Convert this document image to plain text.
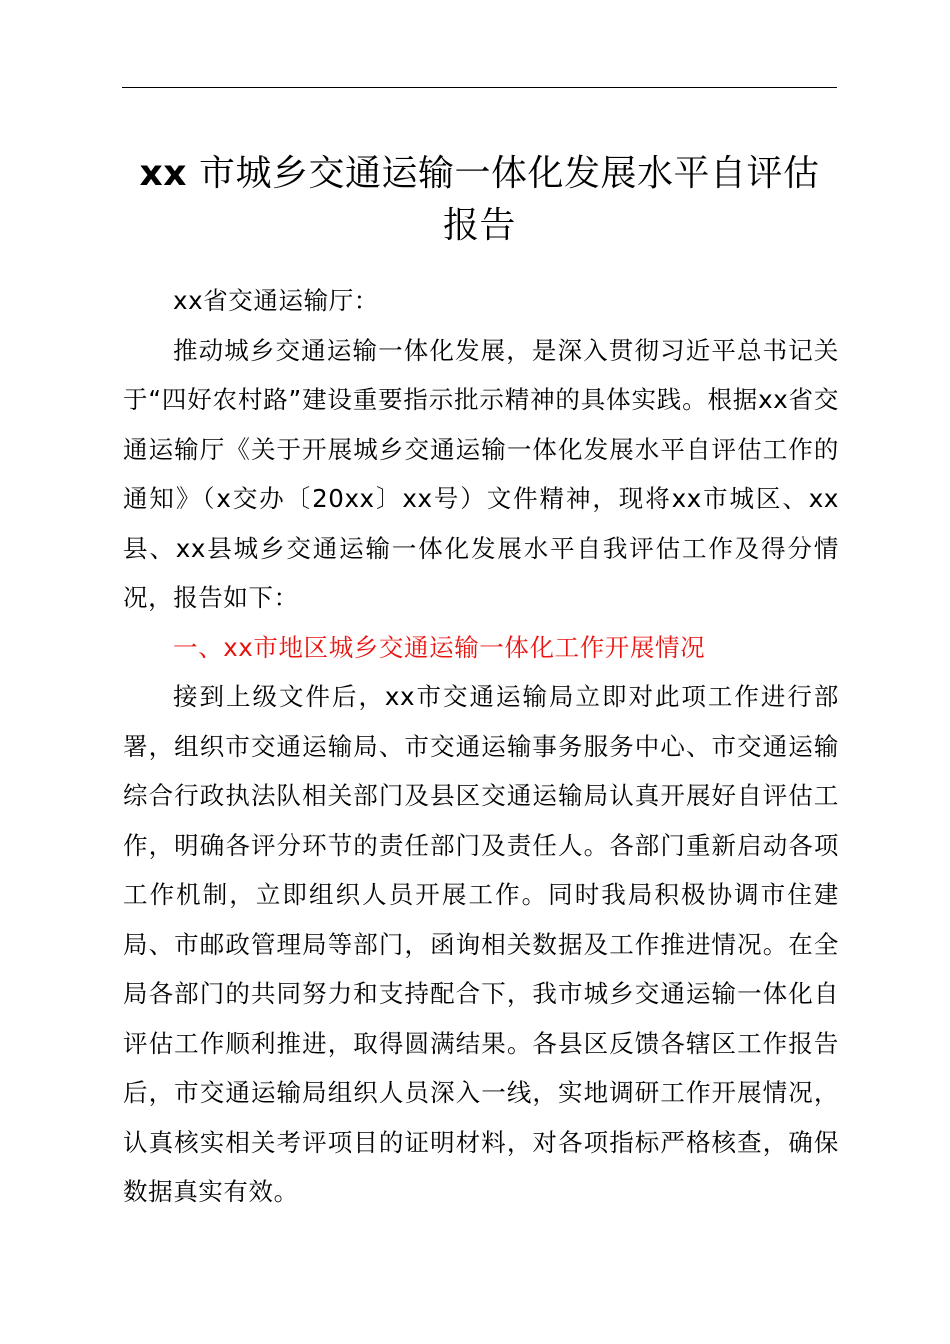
xx 市城乡交通运输一体化发展水平自评估报告

xx省交通运输厅：

推动城乡交通运输一体化发展，是深入贯彻习近平总书记关于“四好农村路”建设重要指示批示精神的具体实践。根据xx省交通运输厅《关于开展城乡交通运输一体化发展水平自评估工作的通知》（x交办〔20xx〕xx号）文件精神，现将xx市城区、xx县、xx县城乡交通运输一体化发展水平自我评估工作及得分情况，报告如下：

一、xx市地区城乡交通运输一体化工作开展情况

接到上级文件后，xx市交通运输局立即对此项工作进行部署，组织市交通运输局、市交通运输事务服务中心、市交通运输综合行政执法队相关部门及县区交通运输局认真开展好自评估工作，明确各评分环节的责任部门及责任人。各部门重新启动各项工作机制，立即组织人员开展工作。同时我局积极协调市住建局、市邮政管理局等部门，函询相关数据及工作推进情况。在全局各部门的共同努力和支持配合下，我市城乡交通运输一体化自评估工作顺利推进，取得圆满结果。各县区反馈各辖区工作报告后，市交通运输局组织人员深入一线，实地调研工作开展情况，认真核实相关考评项目的证明材料，对各项指标严格核查，确保数据真实有效。
